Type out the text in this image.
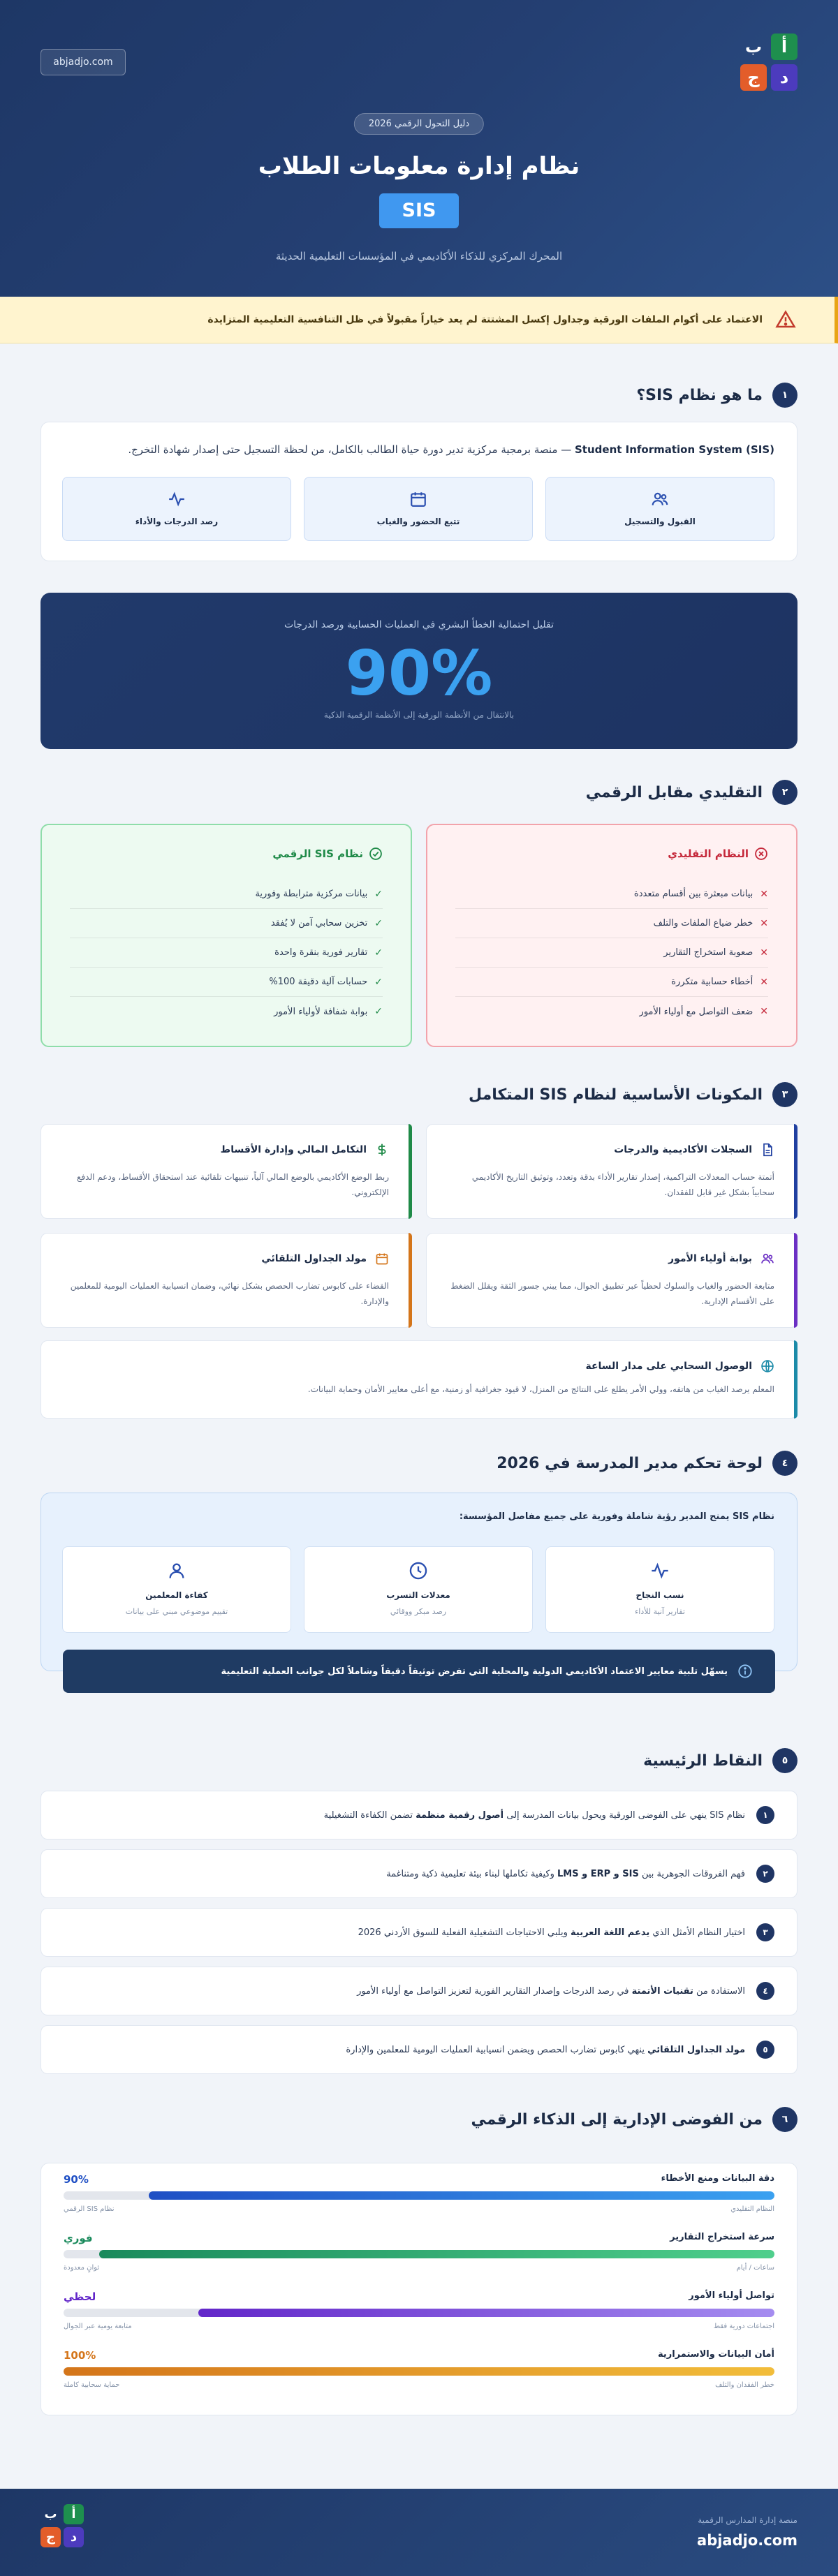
abjadjo.com
أ
ب
د
ج
دليل التحول الرقمي 2026
نظام إدارة معلومات الطلاب
SIS

المحرك المركزي للذكاء الأكاديمي في المؤسسات التعليمية الحديثة

الاعتماد على أكوام الملفات الورقية وجداول إكسل المشتتة لم يعد خياراً مقبولاً في ظل التنافسية التعليمية المتزايدة
١
ما هو نظام SIS؟

Student Information System (SIS) — منصة برمجية مركزية تدير دورة حياة الطالب بالكامل، من لحظة التسجيل حتى إصدار شهادة التخرج.

القبول والتسجيل
تتبع الحضور والغياب
رصد الدرجات والأداء
تقليل احتمالية الخطأ البشري في العمليات الحسابية ورصد الدرجات
90%
بالانتقال من الأنظمة الورقية إلى الأنظمة الرقمية الذكية
٢
التقليدي مقابل الرقمي
النظام التقليدي
✕
بيانات مبعثرة بين أقسام متعددة
✕
خطر ضياع الملفات والتلف
✕
صعوبة استخراج التقارير
✕
أخطاء حسابية متكررة
✕
ضعف التواصل مع أولياء الأمور
نظام SIS الرقمي
✓
بيانات مركزية مترابطة وفورية
✓
تخزين سحابي آمن لا يُفقد
✓
تقارير فورية بنقرة واحدة
✓
حسابات آلية دقيقة 100%
✓
بوابة شفافة لأولياء الأمور
٣
المكونات الأساسية لنظام SIS المتكامل
السجلات الأكاديمية والدرجات

أتمتة حساب المعدلات التراكمية، إصدار تقارير الأداء بدقة وتعدد، وتوثيق التاريخ الأكاديمي سحابياً بشكل غير قابل للفقدان.

التكامل المالي وإدارة الأقساط

ربط الوضع الأكاديمي بالوضع المالي آلياً، تنبيهات تلقائية عند استحقاق الأقساط، ودعم الدفع الإلكتروني.

بوابة أولياء الأمور

متابعة الحضور والغياب والسلوك لحظياً عبر تطبيق الجوال، مما يبني جسور الثقة ويقلل الضغط على الأقسام الإدارية.

مولد الجداول التلقائي

القضاء على كابوس تضارب الحصص بشكل نهائي، وضمان انسيابية العمليات اليومية للمعلمين والإدارة.

الوصول السحابي على مدار الساعة

المعلم يرصد الغياب من هاتفه، وولي الأمر يطلع على النتائج من المنزل، لا قيود جغرافية أو زمنية، مع أعلى معايير الأمان وحماية البيانات.

٤
لوحة تحكم مدير المدرسة في 2026
نظام SIS يمنح المدير رؤية شاملة وفورية على جميع مفاصل المؤسسة:
نسب النجاح
تقارير آنية للأداء
معدلات التسرب
رصد مبكر ووقائي
كفاءة المعلمين
تقييم موضوعي مبني على بيانات
يسهّل تلبية معايير الاعتماد الأكاديمي الدولية والمحلية التي تفرض توثيقاً دقيقاً وشاملاً لكل جوانب العملية التعليمية
٥
النقاط الرئيسية
١

نظام SIS ينهي على الفوضى الورقية ويحول بيانات المدرسة إلى أصول رقمية منظمة تضمن الكفاءة التشغيلية

٢

فهم الفروقات الجوهرية بين SIS و ERP و LMS وكيفية تكاملها لبناء بيئة تعليمية ذكية ومتناغمة

٣

اختيار النظام الأمثل الذي يدعم اللغة العربية ويلبي الاحتياجات التشغيلية الفعلية للسوق الأردني 2026

٤

الاستفادة من تقنيات الأتمتة في رصد الدرجات وإصدار التقارير الفورية لتعزيز التواصل مع أولياء الأمور

٥

مولد الجداول التلقائي ينهي كابوس تضارب الحصص ويضمن انسيابية العمليات اليومية للمعلمين والإدارة

٦
من الفوضى الإدارية إلى الذكاء الرقمي
دقة البيانات ومنع الأخطاء
90%
النظام التقليدي
نظام SIS الرقمي
سرعة استخراج التقارير
فوري
ساعات / أيام
ثوانٍ معدودة
تواصل أولياء الأمور
لحظي
اجتماعات دورية فقط
متابعة يومية عبر الجوال
أمان البيانات والاستمرارية
100%
خطر الفقدان والتلف
حماية سحابية كاملة
أ
ب
د
ج
منصة إدارة المدارس الرقمية
abjadjo.com
